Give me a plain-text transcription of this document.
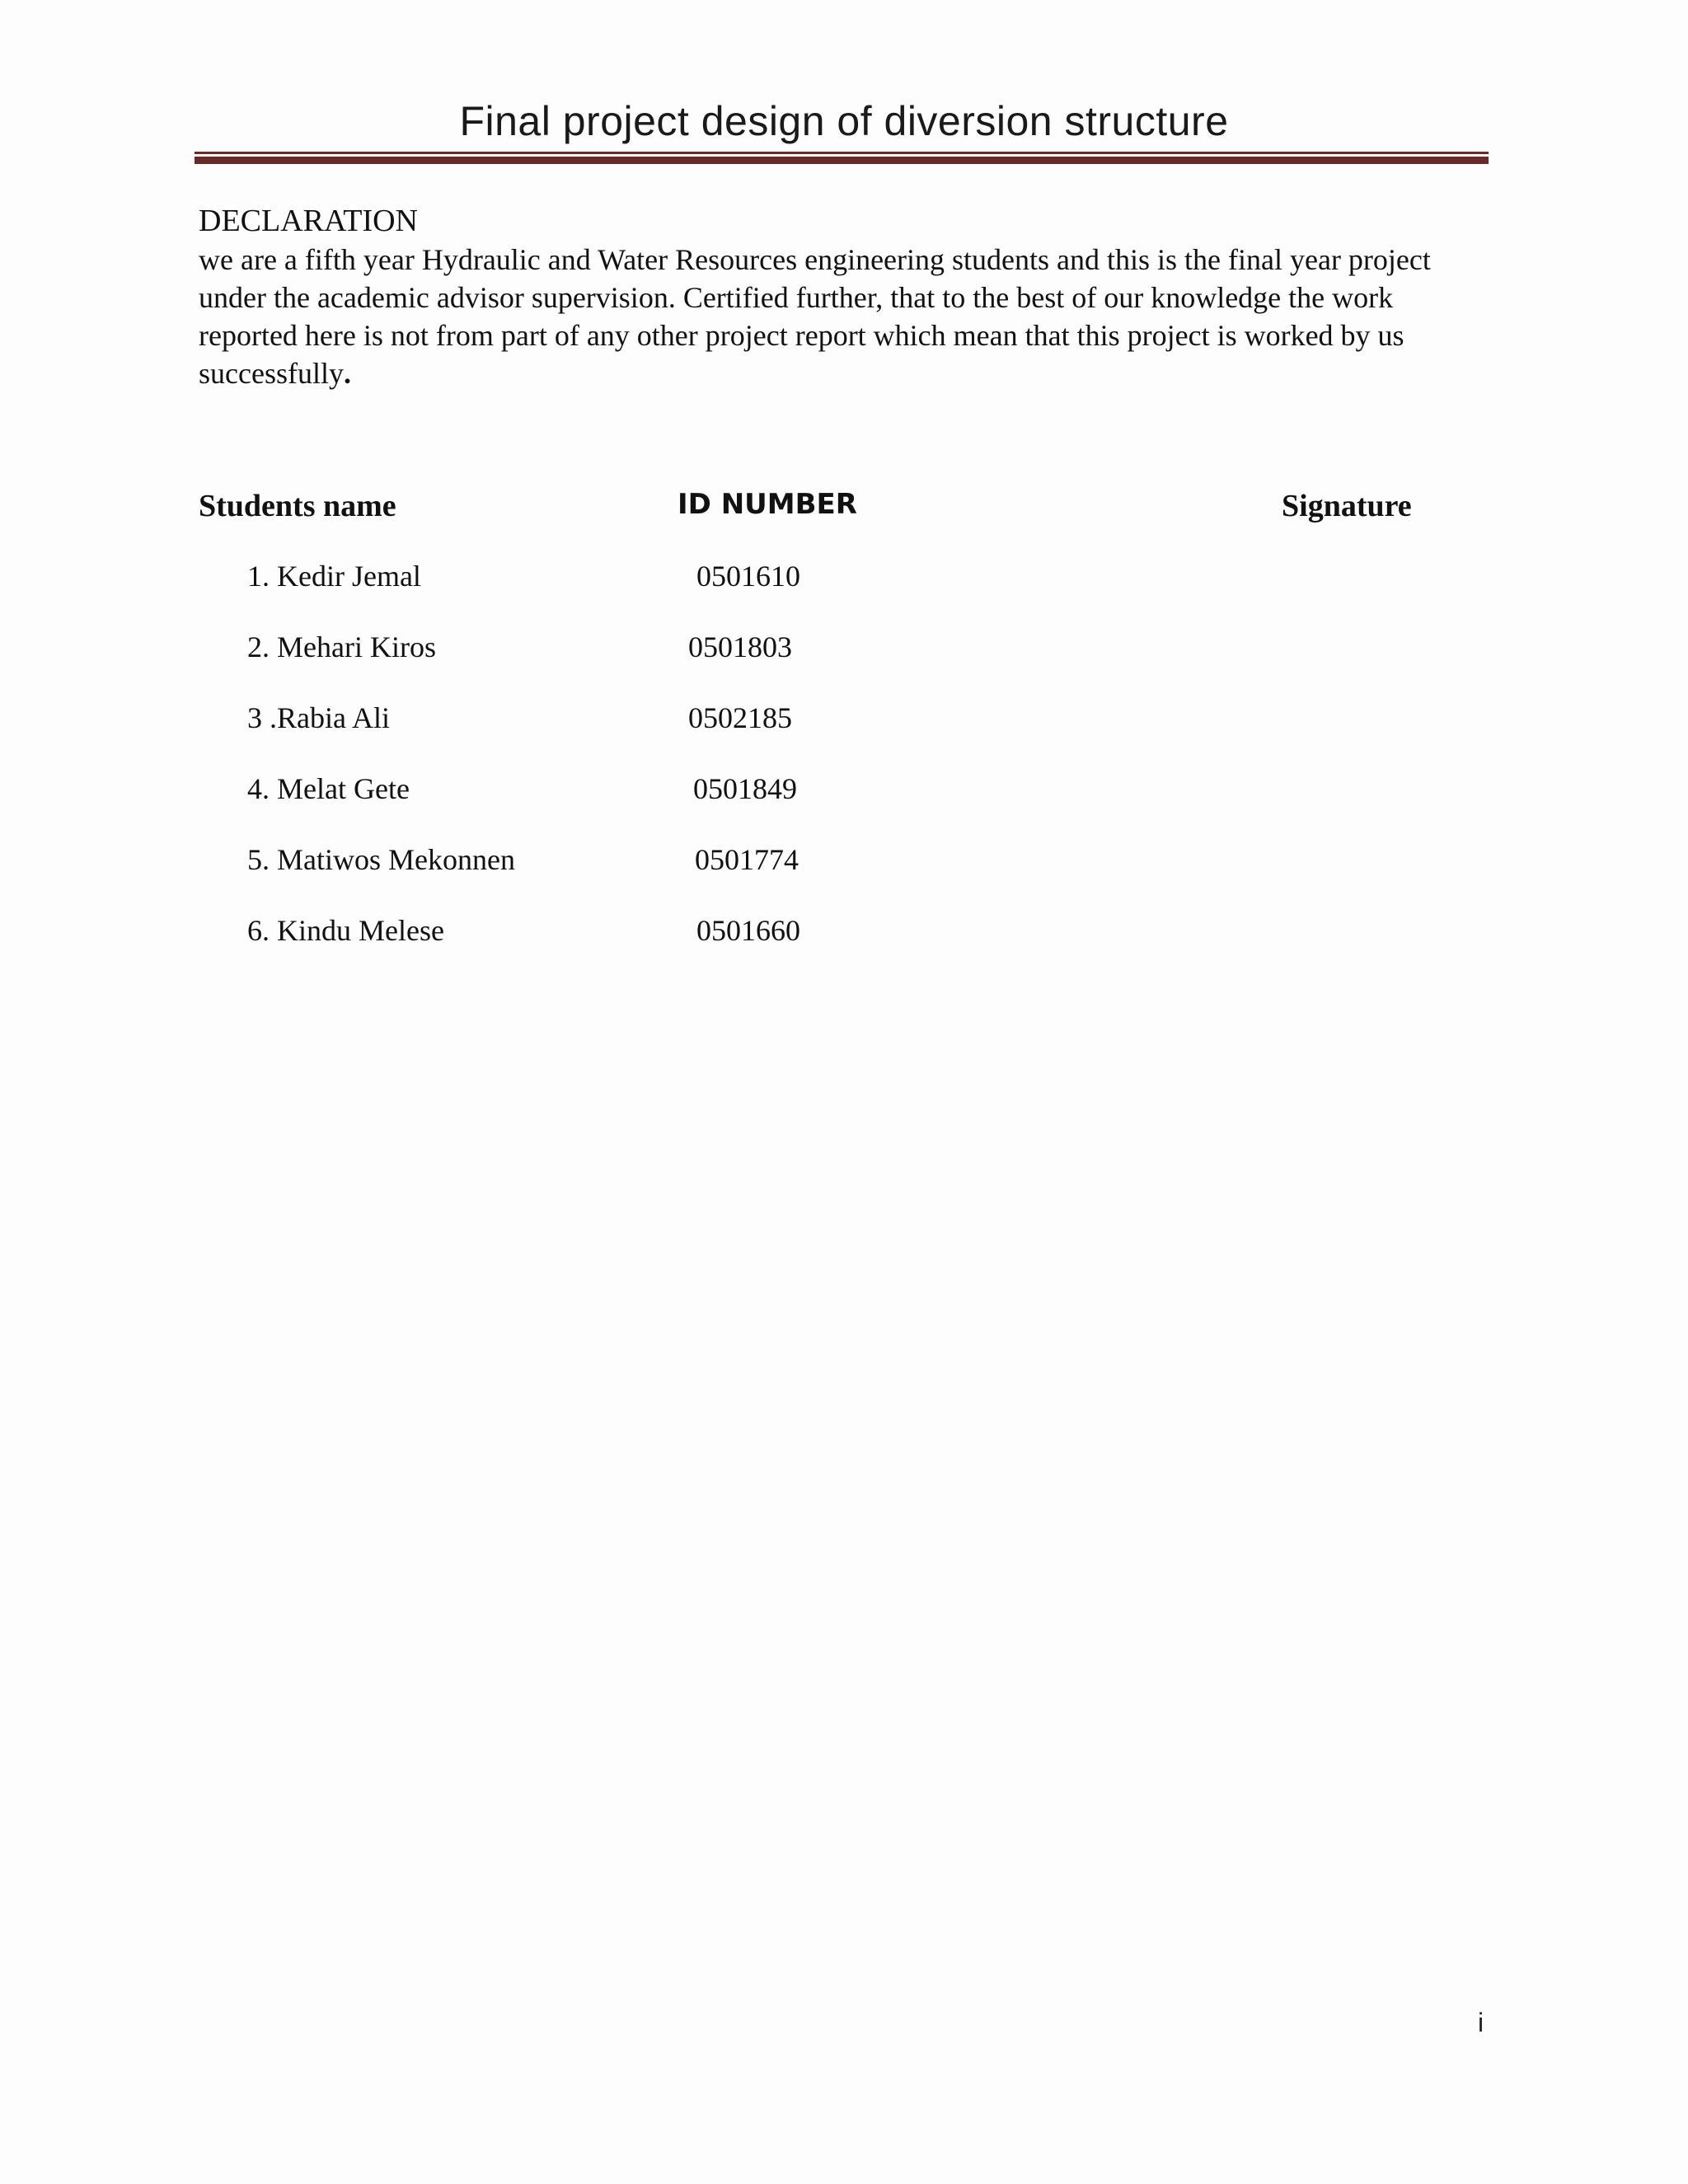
Final project design of diversion structure
DECLARATION
we are a fifth year Hydraulic and Water Resources engineering students and this is the final year project under the academic advisor supervision. Certified further, that to the best of our knowledge the work reported here is not from part of any other project report which mean that this project is worked by us successfully.
Students name	ID NUMBER	Signature
1. Kedir Jemal	0501610
2. Mehari Kiros	0501803
3 .Rabia Ali	0502185
4. Melat Gete	0501849
5. Matiwos Mekonnen	0501774
6. Kindu Melese	0501660
i
